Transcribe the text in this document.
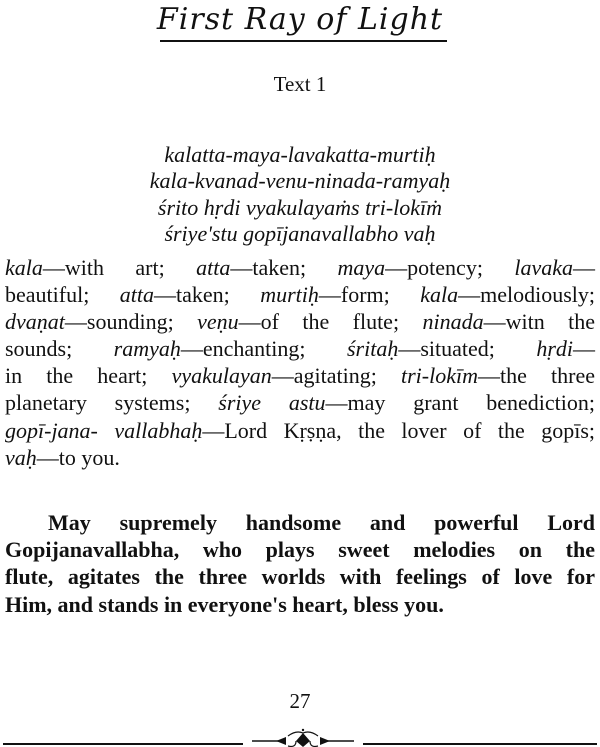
First Ray of Light
Text 1
kalatta-maya-lavakatta-murtiḥ
kala-kvanad-venu-ninada-ramyaḥ
śrito hṛdi vyakulayaṁs tri-lokīṁ
śriye'stu gopījanavallabho vaḥ
kala—with art; atta—taken; maya—potency; lavaka—
beautiful; atta—taken; murtiḥ—form; kala—melodiously;
dvaṇat—sounding; veṇu—of the flute; ninada—witn the
sounds; ramyaḥ—enchanting; śritaḥ—situated; hṛdi—
in the heart; vyakulayan—agitating; tri-lokīm—the three
planetary systems; śriye astu—may grant benediction;
gopī-jana- vallabhaḥ—Lord Kṛṣṇa, the lover of the gopīs;
vaḥ—to you.
May supremely handsome and powerful Lord
Gopijanavallabha, who plays sweet melodies on the
flute, agitates the three worlds with feelings of love for
Him, and stands in everyone's heart, bless you.
27
